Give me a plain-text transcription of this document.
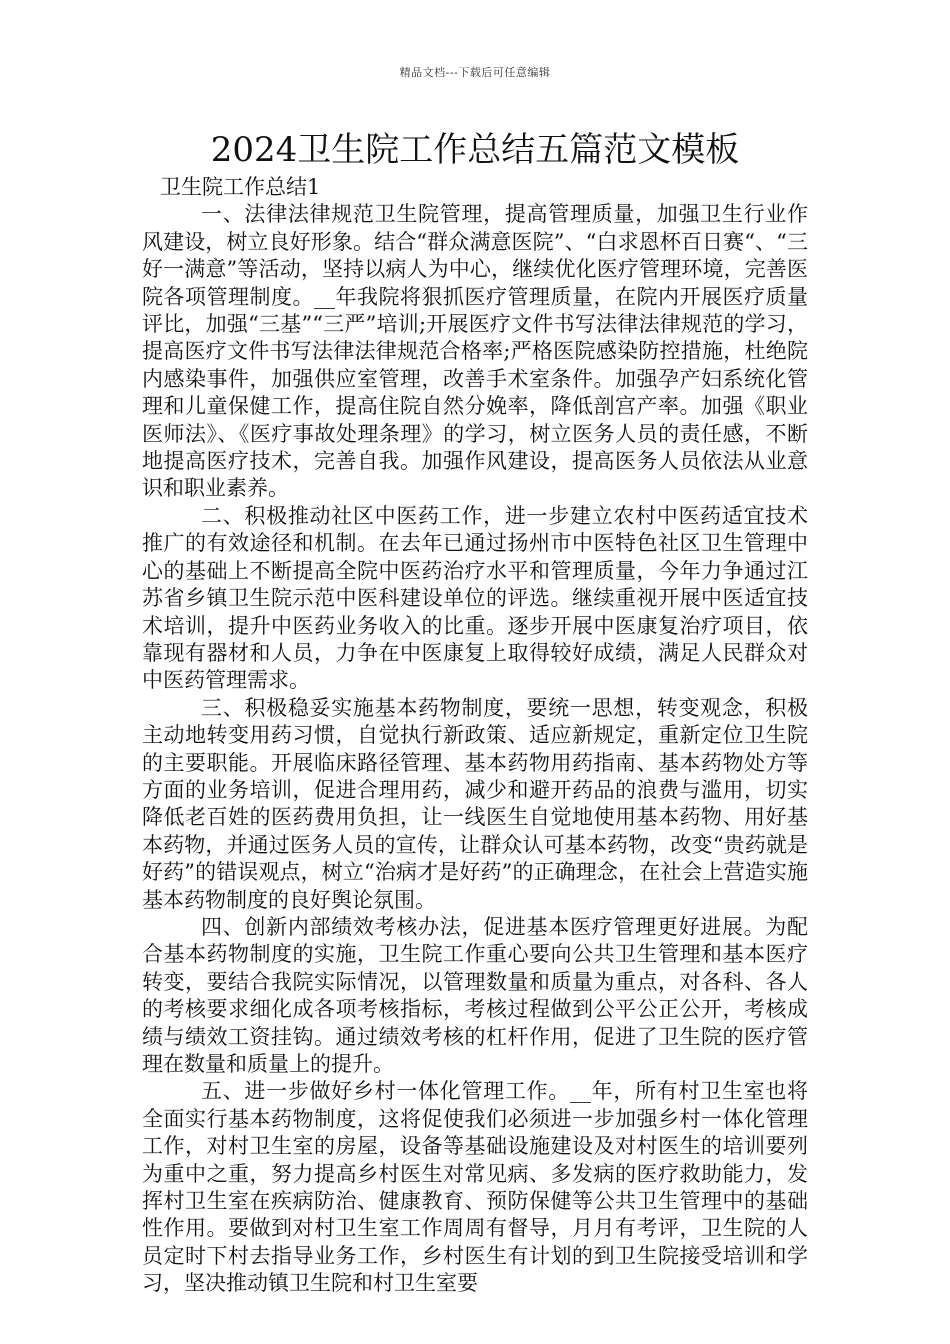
精品文档---下载后可任意编辑
2024卫生院工作总结五篇范文模板

卫生院工作总结1

一、法律法律规范卫生院管理，提高管理质量，加强卫生行业作风建设，树立良好形象。结合“群众满意医院”、“白求恩杯百日赛“、“三好一满意”等活动，坚持以病人为中心，继续优化医疗管理环境，完善医院各项管理制度。__年我院将狠抓医疗管理质量，在院内开展医疗质量评比，加强“三基”“三严”培训;开展医疗文件书写法律法律规范的学习，提高医疗文件书写法律法律规范合格率;严格医院感染防控措施，杜绝院内感染事件，加强供应室管理，改善手术室条件。加强孕产妇系统化管理和儿童保健工作，提高住院自然分娩率，降低剖宫产率。加强《职业医师法》、《医疗事故处理条理》的学习，树立医务人员的责任感，不断地提高医疗技术，完善自我。加强作风建设，提高医务人员依法从业意识和职业素养。

二、积极推动社区中医药工作，进一步建立农村中医药适宜技术推广的有效途径和机制。在去年已通过扬州市中医特色社区卫生管理中心的基础上不断提高全院中医药治疗水平和管理质量，今年力争通过江苏省乡镇卫生院示范中医科建设单位的评选。继续重视开展中医适宜技术培训，提升中医药业务收入的比重。逐步开展中医康复治疗项目，依靠现有器材和人员，力争在中医康复上取得较好成绩，满足人民群众对中医药管理需求。

三、积极稳妥实施基本药物制度，要统一思想，转变观念，积极主动地转变用药习惯，自觉执行新政策、适应新规定，重新定位卫生院的主要职能。开展临床路径管理、基本药物用药指南、基本药物处方等方面的业务培训，促进合理用药，减少和避开药品的浪费与滥用，切实降低老百姓的医药费用负担，让一线医生自觉地使用基本药物、用好基本药物，并通过医务人员的宣传，让群众认可基本药物，改变“贵药就是好药”的错误观点，树立“治病才是好药”的正确理念，在社会上营造实施基本药物制度的良好舆论氛围。

四、创新内部绩效考核办法，促进基本医疗管理更好进展。为配合基本药物制度的实施，卫生院工作重心要向公共卫生管理和基本医疗转变，要结合我院实际情况，以管理数量和质量为重点，对各科、各人的考核要求细化成各项考核指标，考核过程做到公平公正公开，考核成绩与绩效工资挂钩。通过绩效考核的杠杆作用，促进了卫生院的医疗管理在数量和质量上的提升。

五、进一步做好乡村一体化管理工作。__年，所有村卫生室也将全面实行基本药物制度，这将促使我们必须进一步加强乡村一体化管理工作，对村卫生室的房屋，设备等基础设施建设及对村医生的培训要列为重中之重，努力提高乡村医生对常见病、多发病的医疗救助能力，发挥村卫生室在疾病防治、健康教育、预防保健等公共卫生管理中的基础性作用。要做到对村卫生室工作周周有督导，月月有考评，卫生院的人员定时下村去指导业务工作，乡村医生有计划的到卫生院接受培训和学习，坚决推动镇卫生院和村卫生室要
